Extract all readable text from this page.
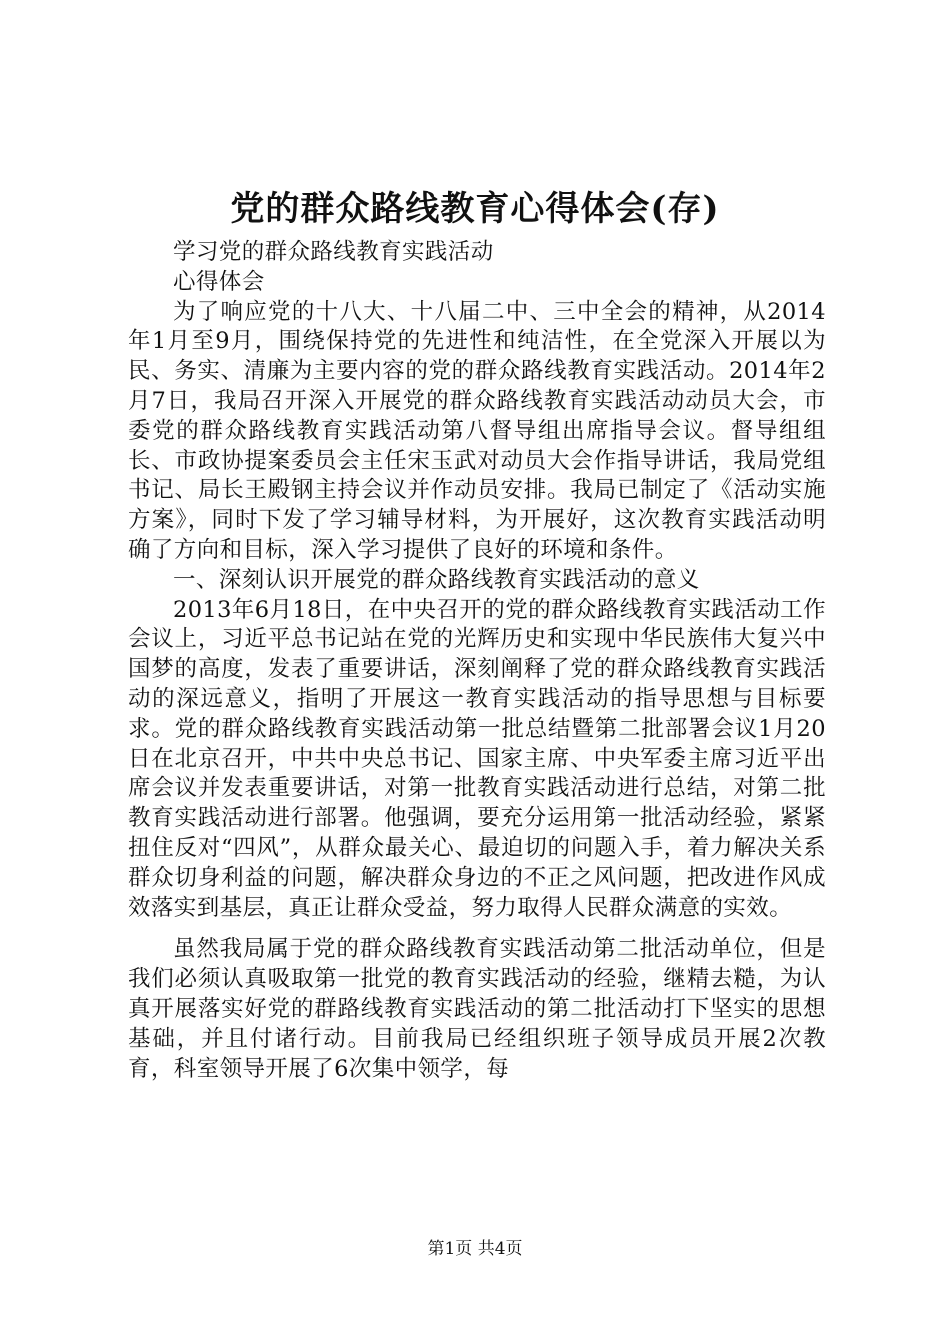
党的群众路线教育心得体会(存)

学习党的群众路线教育实践活动

心得体会

为了响应党的十八大、十八届二中、三中全会的精神，从2014年1月至9月，围绕保持党的先进性和纯洁性，在全党深入开展以为民、务实、清廉为主要内容的党的群众路线教育实践活动。2014年2月7日，我局召开深入开展党的群众路线教育实践活动动员大会，市委党的群众路线教育实践活动第八督导组出席指导会议。督导组组长、市政协提案委员会主任宋玉武对动员大会作指导讲话，我局党组书记、局长王殿钢主持会议并作动员安排。我局已制定了《活动实施方案》，同时下发了学习辅导材料，为开展好，这次教育实践活动明确了方向和目标，深入学习提供了良好的环境和条件。

一、深刻认识开展党的群众路线教育实践活动的意义

2013年6月18日，在中央召开的党的群众路线教育实践活动工作会议上，习近平总书记站在党的光辉历史和实现中华民族伟大复兴中国梦的高度，发表了重要讲话，深刻阐释了党的群众路线教育实践活动的深远意义，指明了开展这一教育实践活动的指导思想与目标要求。党的群众路线教育实践活动第一批总结暨第二批部署会议1月20日在北京召开，中共中央总书记、国家主席、中央军委主席习近平出席会议并发表重要讲话，对第一批教育实践活动进行总结，对第二批教育实践活动进行部署。他强调，要充分运用第一批活动经验，紧紧扭住反对“四风”，从群众最关心、最迫切的问题入手，着力解决关系群众切身利益的问题，解决群众身边的不正之风问题，把改进作风成效落实到基层，真正让群众受益，努力取得人民群众满意的实效。

虽然我局属于党的群众路线教育实践活动第二批活动单位，但是我们必须认真吸取第一批党的教育实践活动的经验，继精去糙，为认真开展落实好党的群路线教育实践活动的第二批活动打下坚实的思想基础，并且付诸行动。目前我局已经组织班子领导成员开展2次教育，科室领导开展了6次集中领学，每

第1页 共4页
